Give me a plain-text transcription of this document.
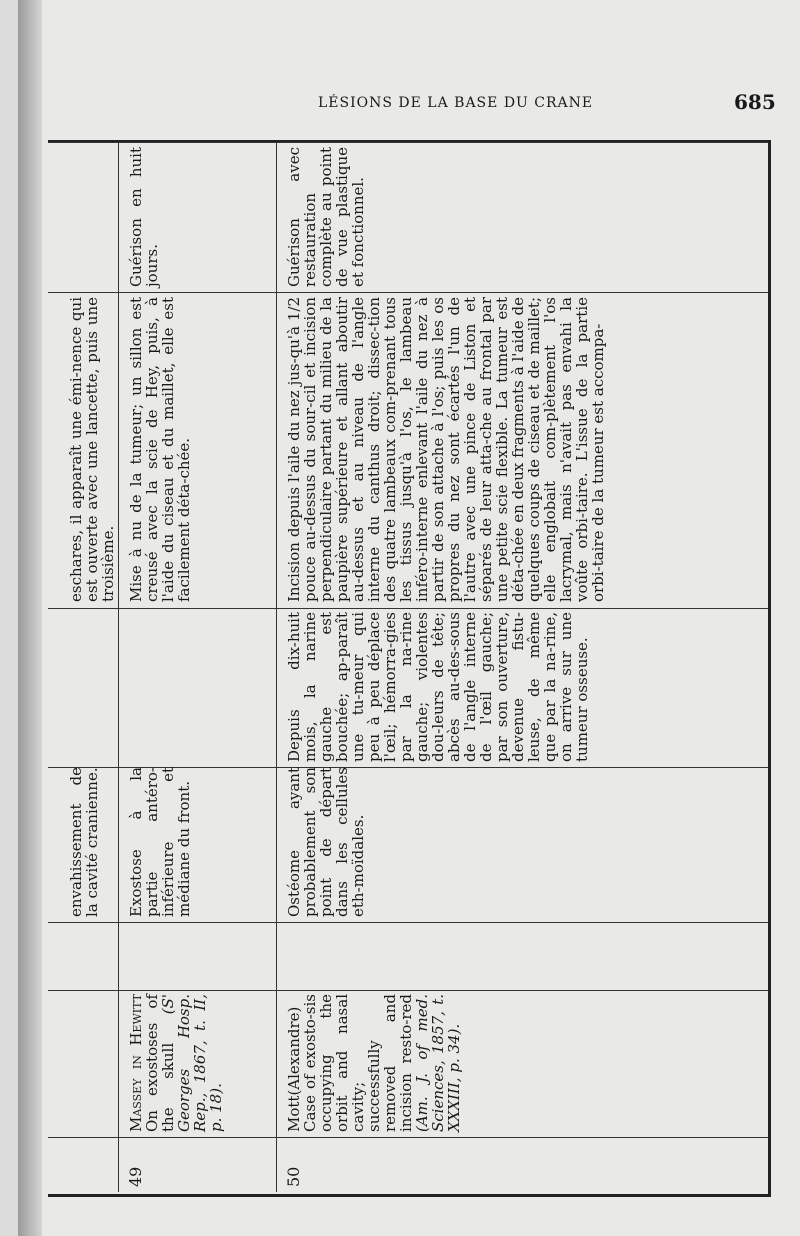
LÉSIONS DE LA BASE DU CRANE	685
envahissement de la cavité cranienne.
eschares, il apparaît une émi-nence qui est ouverte avec une lancette, puis une troisième.
49
Massey in Hewitt On exostoses of the skull (S' Georges Hosp. Rep., 1867, t. II, p. 18).
Exostose à la partie antéro-inférieure et médiane du front.
Mise à nu de la tumeur; un sillon est creusé avec la scie de Hey, puis, à l'aide du ciseau et du maillet, elle est facilement déta-chée.
Guérison en huit jours.
50
Mott(Alexandre) Case of exosto-sis occupying the orbit and nasal cavity; successfully removed and incision resto-red (Am. J. of med. Sciences, 1857, t. XXXIII, p. 34).
Ostéome ayant probablement son point de départ dans les cellules eth-moïdales.
Depuis dix-huit mois, la narine gauche est bouchée; ap-paraît une tu-meur qui peu à peu déplace l'œil; hémorra-gies par la na-rine gauche; violentes dou-leurs de tête; abcès au-des-sous de l'angle interne de l'œil gauche; par son ouverture, devenue fistu-leuse, de même que par la na-rine, on arrive sur une tumeur osseuse.
Incision depuis l'aile du nez jus-qu'à 1/2 pouce au-dessus du sour-cil et incision perpendiculaire partant du milieu de la paupière supérieure et allant aboutir au-dessus et au niveau de l'angle interne du canthus droit; dissec-tion des quatre lambeaux com-prenant tous les tissus jusqu'à l'os, le lambeau inféro-interne enlevant l'aile du nez à partir de son attache à l'os; puis les os propres du nez sont écartés l'un de l'autre avec une pince de Liston et séparés de leur atta-che au frontal par une petite scie flexible. La tumeur est déta-chée en deux fragments à l'aide de quelques coups de ciseau et de maillet; elle englobait com-plètement l'os lacrymal, mais n'avait pas envahi la voûte orbi-taire. L'issue de la partie orbi-taire de la tumeur est accompa-
Guérison avec restauration complète au point de vue plastique et fonctionnel.
